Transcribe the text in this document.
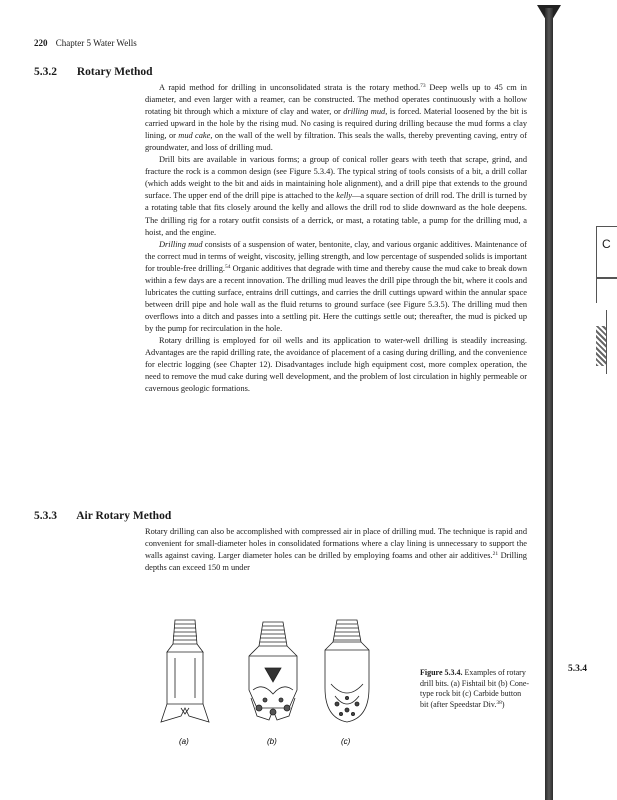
220 Chapter 5 Water Wells
5.3.2 Rotary Method

A rapid method for drilling in unconsolidated strata is the rotary method.$^{73}$ Deep wells up to 45 cm in diameter, and even larger with a reamer, can be constructed. The method operates continuously with a hollow rotating bit through which a mixture of clay and water, or drilling mud, is forced. Material loosened by the bit is carried upward in the hole by the rising mud. No casing is required during drilling because the mud forms a clay lining, or mud cake, on the wall of the well by filtration. This seals the walls, thereby preventing caving, entry of groundwater, and loss of drilling mud.

Drill bits are available in various forms; a group of conical roller gears with teeth that scrape, grind, and fracture the rock is a common design (see Figure 5.3.4). The typical string of tools consists of a bit, a drill collar (which adds weight to the bit and aids in maintaining hole alignment), and a drill pipe that extends to the ground surface. The upper end of the drill pipe is attached to the kelly—a square section of drill rod. The drill is turned by a rotating table that fits closely around the kelly and allows the drill rod to slide downward as the hole deepens. The drilling rig for a rotary outfit consists of a derrick, or mast, a rotating table, a pump for the drilling mud, a hoist, and the engine.

Drilling mud consists of a suspension of water, bentonite, clay, and various organic additives. Maintenance of the correct mud in terms of weight, viscosity, jelling strength, and low percentage of suspended solids is important for trouble-free drilling.$^{54}$ Organic additives that degrade with time and thereby cause the mud cake to break down within a few days are a recent innovation. The drilling mud leaves the drill pipe through the bit, where it cools and lubricates the cutting surface, entrains drill cuttings, and carries the drill cuttings upward within the annular space between drill pipe and hole wall as the fluid returns to ground surface (see Figure 5.3.5). The drilling mud then overflows into a ditch and passes into a settling pit. Here the cuttings settle out; thereafter, the mud is picked up by the pump for recirculation in the hole.

Rotary drilling is employed for oil wells and its application to water-well drilling is steadily increasing. Advantages are the rapid drilling rate, the avoidance of placement of a casing during drilling, and the convenience for electric logging (see Chapter 12). Disadvantages include high equipment cost, more complex operation, the need to remove the mud cake during well development, and the problem of lost circulation in highly permeable or cavernous geologic formations.

5.3.3 Air Rotary Method

Rotary drilling can also be accomplished with compressed air in place of drilling mud. The technique is rapid and convenient for small-diameter holes in consolidated formations where a clay lining is unnecessary to support the walls against caving. Larger diameter holes can be drilled by employing foams and other air additives.$^{21}$ Drilling depths can exceed 150 m under

(a)	(b)	(c)
Figure 5.3.4. Examples of rotary drill bits. (a) Fishtail bit (b) Cone-type rock bit (c) Carbide button bit (after Speedstar Div.$^{38}$)
C
5.3.4
